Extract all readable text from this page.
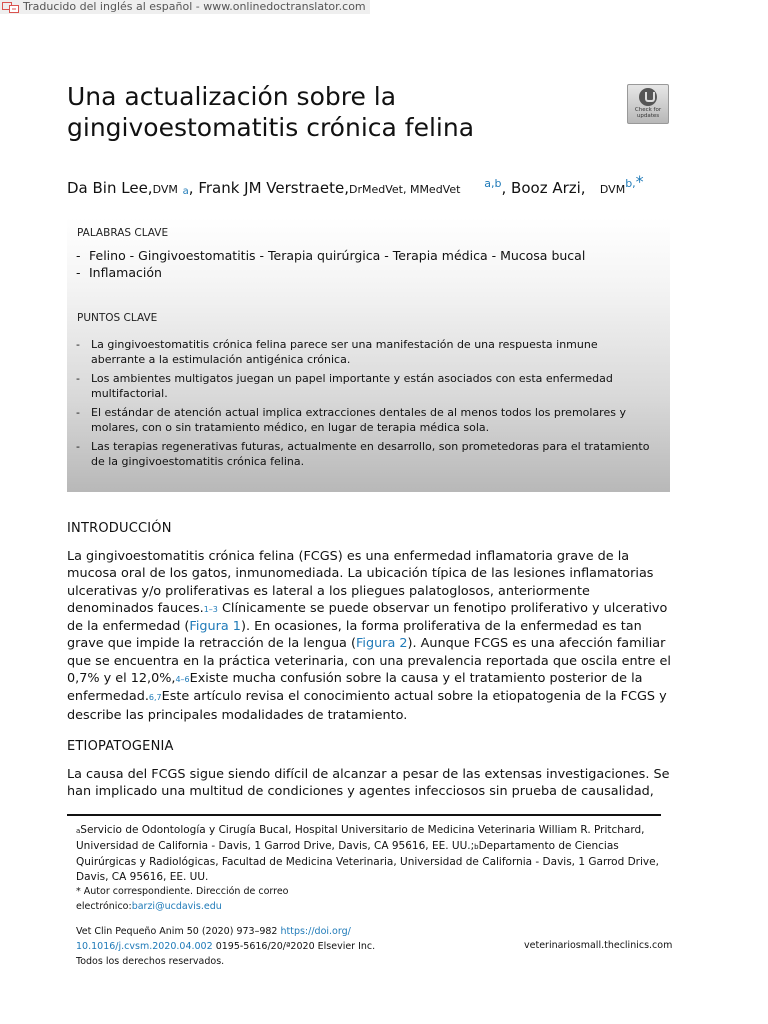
Traducido del inglés al español - www.onlinedoctranslator.com
Una actualización sobre la
gingivoestomatitis crónica felina
Check for
updates
Da Bin Lee,DVM a, Frank JM Verstraete,DrMedVet, MMedVet $^{a,b}$, Booz Arzi, DVM$^{b,}$*
PALABRAS CLAVE
- Felino - Gingivoestomatitis - Terapia quirúrgica - Terapia médica - Mucosa bucal
- Inflamación
PUNTOS CLAVE
-	La gingivoestomatitis crónica felina parece ser una manifestación de una respuesta inmune aberrante a la estimulación antigénica crónica.
-	Los ambientes multigatos juegan un papel importante y están asociados con esta enfermedad multifactorial.
-	El estándar de atención actual implica extracciones dentales de al menos todos los premolares y molares, con o sin tratamiento médico, en lugar de terapia médica sola.
-	Las terapias regenerativas futuras, actualmente en desarrollo, son prometedoras para el tratamiento de la gingivoestomatitis crónica felina.
INTRODUCCIÓN
La gingivoestomatitis crónica felina (FCGS) es una enfermedad inflamatoria grave de la mucosa oral de los gatos, inmunomediada. La ubicación típica de las lesiones inflamatorias ulcerativas y/o proliferativas es lateral a los pliegues palatoglosos, anteriormente denominados fauces.1–3 Clínicamente se puede observar un fenotipo proliferativo y ulcerativo de la enfermedad (Figura 1). En ocasiones, la forma proliferativa de la enfermedad es tan grave que impide la retracción de la lengua (Figura 2). Aunque FCGS es una afección familiar que se encuentra en la práctica veterinaria, con una prevalencia reportada que oscila entre el 0,7% y el 12,0%,4–6Existe mucha confusión sobre la causa y el tratamiento posterior de la enfermedad.6,7Este artículo revisa el conocimiento actual sobre la etiopatogenia de la FCGS y describe las principales modalidades de tratamiento.
ETIOPATOGENIA
La causa del FCGS sigue siendo difícil de alcanzar a pesar de las extensas investigaciones. Se han implicado una multitud de condiciones y agentes infecciosos sin prueba de causalidad,
aServicio de Odontología y Cirugía Bucal, Hospital Universitario de Medicina Veterinaria William R. Pritchard, Universidad de California - Davis, 1 Garrod Drive, Davis, CA 95616, EE. UU.;bDepartamento de Ciencias Quirúrgicas y Radiológicas, Facultad de Medicina Veterinaria, Universidad de California - Davis, 1 Garrod Drive, Davis, CA 95616, EE. UU.
* Autor correspondiente. Dirección de correo
electrónico:barzi@ucdavis.edu
Vet Clin Pequeño Anim 50 (2020) 973–982 https://doi.org/
10.1016/j.cvsm.2020.04.002 0195-5616/20/ª2020 Elsevier Inc.
Todos los derechos reservados.
veterinariosmall.theclinics.com
